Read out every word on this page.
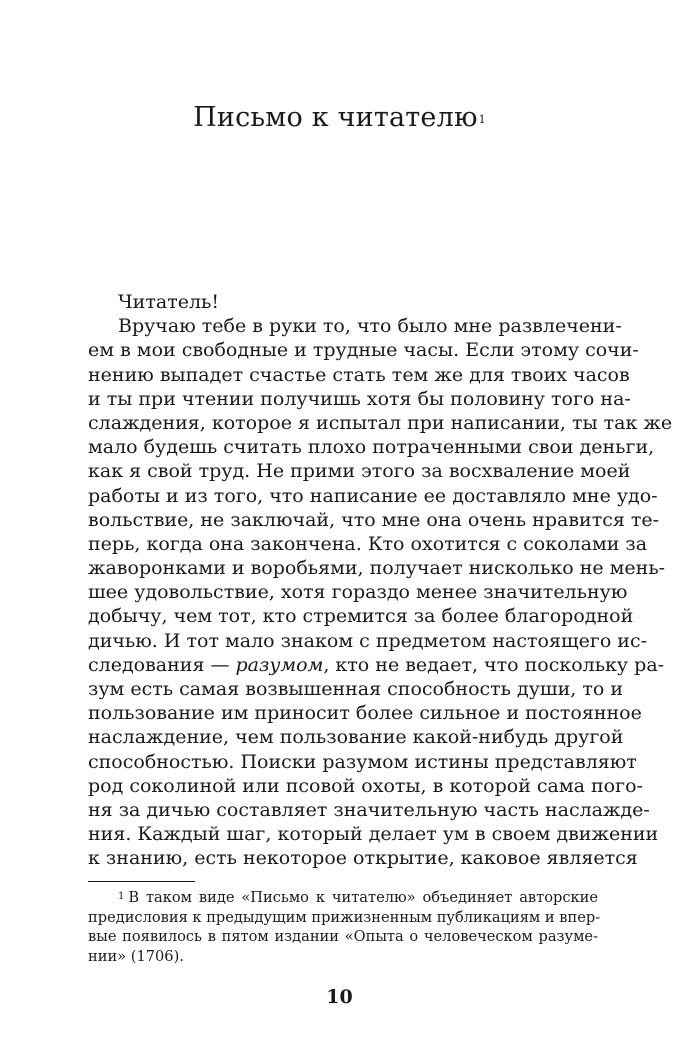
Письмо к читателю$^1$
Читатель!
Вручаю тебе в руки то, что было мне развлечени-
ем в мои свободные и трудные часы. Если этому сочи-
нению выпадет счастье стать тем же для твоих часов
и ты при чтении получишь хотя бы половину того на-
слаждения, которое я испытал при написании, ты так же
мало будешь считать плохо потраченными свои деньги,
как я свой труд. Не прими этого за восхваление моей
работы и из того, что написание ее доставляло мне удо-
вольствие, не заключай, что мне она очень нравится те-
перь, когда она закончена. Кто охотится с соколами за
жаворонками и воробьями, получает нисколько не мень-
шее удовольствие, хотя гораздо менее значительную
добычу, чем тот, кто стремится за более благородной
дичью. И тот мало знаком с предметом настоящего ис-
следования — разумом, кто не ведает, что поскольку ра-
зум есть самая возвышенная способность души, то и
пользование им приносит более сильное и постоянное
наслаждение, чем пользование какой-нибудь другой
способностью. Поиски разумом истины представляют
род соколиной или псовой охоты, в которой сама пого-
ня за дичью составляет значительную часть наслажде-
ния. Каждый шаг, который делает ум в своем движении
к знанию, есть некоторое открытие, каковое является
$^1$ В таком виде «Письмо к читателю» объединяет авторские
предисловия к предыдущим прижизненным публикациям и впер-
вые появилось в пятом издании «Опыта о человеческом разуме-
нии» (1706).
10
